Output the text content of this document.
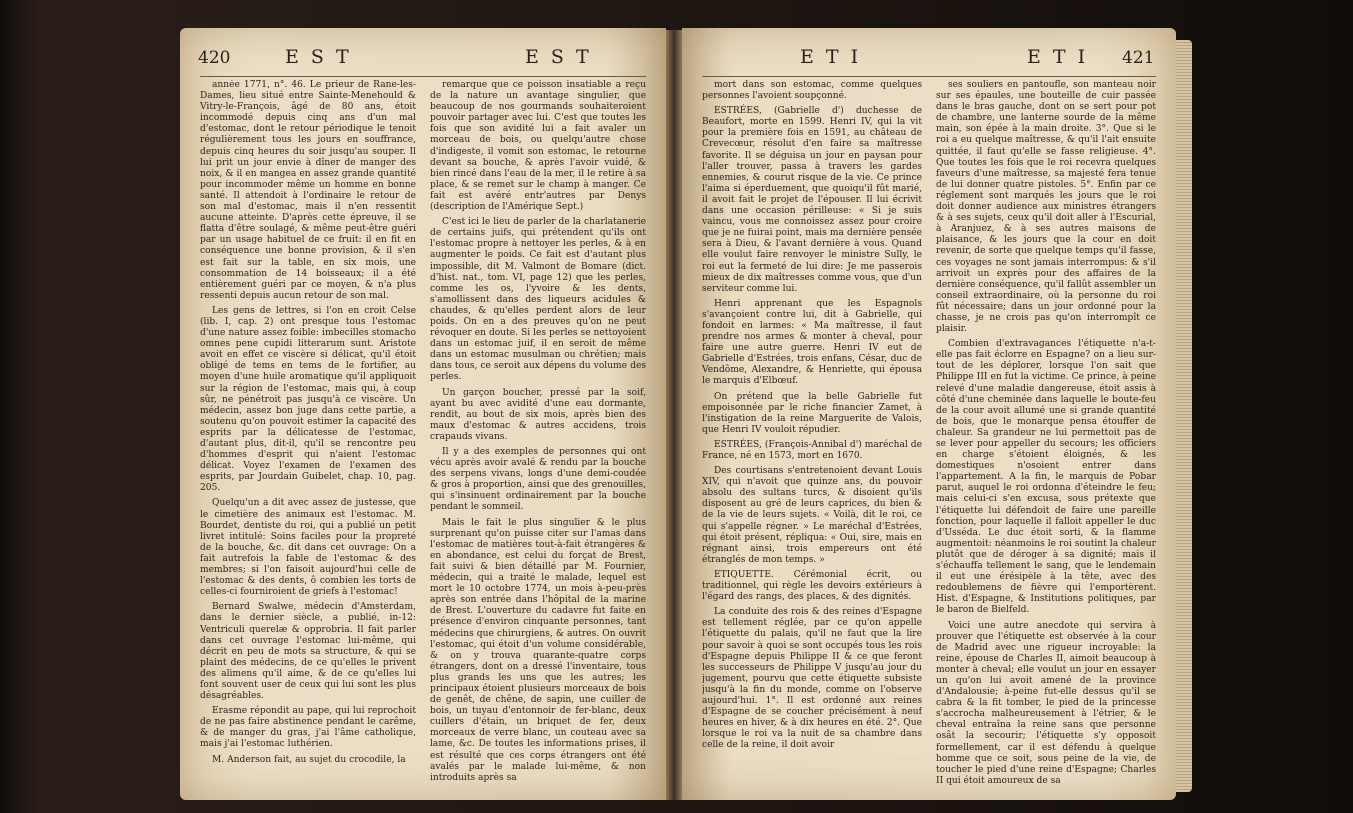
420	E S T	E S T

année 1771, n°. 46. Le prieur de Rane-les-Dames, lieu situé entre Sainte-Menehould & Vitry-le-François, âgé de 80 ans, étoit incommodé depuis cinq ans d'un mal d'estomac, dont le retour périodique le tenoit régulièrement tous les jours en souffrance, depuis cinq heures du soir jusqu'au souper. Il lui prit un jour envie à dîner de manger des noix, & il en mangea en assez grande quantité pour incommoder même un homme en bonne santé. Il attendoit à l'ordinaire le retour de son mal d'estomac, mais il n'en ressentit aucune atteinte. D'après cette épreuve, il se flatta d'être soulagé, & même peut-être guéri par un usage habituel de ce fruit: il en fit en conséquence une bonne provision, & il s'en est fait sur la table, en six mois, une consommation de 14 boisseaux; il a été entièrement guéri par ce moyen, & n'a plus ressenti depuis aucun retour de son mal.

Les gens de lettres, si l'on en croit Celse (lib. I, cap. 2) ont presque tous l'estomac d'une nature assez foible: imbecilles stomacho omnes pene cupidi litterarum sunt. Aristote avoit en effet ce viscère si délicat, qu'il étoit obligé de tems en tems de le fortifier, au moyen d'une huile aromatique qu'il appliquoit sur la région de l'estomac, mais qui, à coup sûr, ne pénétroit pas jusqu'à ce viscère. Un médecin, assez bon juge dans cette partie, a soutenu qu'on pouvoit estimer la capacité des esprits par la délicatesse de l'estomac, d'autant plus, dit-il, qu'il se rencontre peu d'hommes d'esprit qui n'aient l'estomac délicat. Voyez l'examen de l'examen des esprits, par Jourdain Guibelet, chap. 10, pag. 205.

Quelqu'un a dit avec assez de justesse, que le cimetière des animaux est l'estomac. M. Bourdet, dentiste du roi, qui a publié un petit livret intitulé: Soins faciles pour la propreté de la bouche, &c. dit dans cet ouvrage: On a fait autrefois la fable de l'estomac & des membres; si l'on faisoit aujourd'hui celle de l'estomac & des dents, ô combien les torts de celles-ci fourniroient de griefs à l'estomac!

Bernard Swalwe, médecin d'Amsterdam, dans le dernier siècle, a publié, in-12: Ventriculi querelæ & opprobria. Il fait parler dans cet ouvrage l'estomac lui-même, qui décrit en peu de mots sa structure, & qui se plaint des médecins, de ce qu'elles le privent des alimens qu'il aime, & de ce qu'elles lui font souvent user de ceux qui lui sont les plus désagréables.

Erasme répondit au pape, qui lui reprochoit de ne pas faire abstinence pendant le carême, & de manger du gras, j'ai l'âme catholique, mais j'ai l'estomac luthérien.

M. Anderson fait, au sujet du crocodile, la

remarque que ce poisson insatiable a reçu de la nature un avantage singulier, que beaucoup de nos gourmands souhaiteroient pouvoir partager avec lui. C'est que toutes les fois que son avidité lui a fait avaler un morceau de bois, ou quelqu'autre chose d'indigeste, il vomit son estomac, le retourne devant sa bouche, & après l'avoir vuidé, & bien rincé dans l'eau de la mer, il le retire à sa place, & se remet sur le champ à manger. Ce fait est avéré entr'autres par Denys (description de l'Amérique Sept.)

C'est ici le lieu de parler de la charlatanerie de certains juifs, qui prétendent qu'ils ont l'estomac propre à nettoyer les perles, & à en augmenter le poids. Ce fait est d'autant plus impossible, dit M. Valmont de Bomare (dict. d'hist. nat., tom. VI, page 12) que les perles, comme les os, l'yvoire & les dents, s'amollissent dans des liqueurs acidules & chaudes, & qu'elles perdent alors de leur poids. On en a des preuves qu'on ne peut révoquer en doute. Si les perles se nettoyoient dans un estomac juif, il en seroit de même dans un estomac musulman ou chrétien; mais dans tous, ce seroit aux dépens du volume des perles.

Un garçon boucher, pressé par la soif, ayant bu avec avidité d'une eau dormante, rendit, au bout de six mois, après bien des maux d'estomac & autres accidens, trois crapauds vivans.

Il y a des exemples de personnes qui ont vécu après avoir avalé & rendu par la bouche des serpens vivans, longs d'une demi-coudée & gros à proportion, ainsi que des grenouilles, qui s'insinuent ordinairement par la bouche pendant le sommeil.

Mais le fait le plus singulier & le plus surprenant qu'on puisse citer sur l'amas dans l'estomac de matières tout-à-fait étrangères & en abondance, est celui du forçat de Brest, fait suivi & bien détaillé par M. Fournier, médecin, qui a traité le malade, lequel est mort le 10 octobre 1774, un mois à-peu-près après son entrée dans l'hôpital de la marine de Brest. L'ouverture du cadavre fut faite en présence d'environ cinquante personnes, tant médecins que chirurgiens, & autres. On ouvrit l'estomac, qui étoit d'un volume considérable, & on y trouva quarante-quatre corps étrangers, dont on a dressé l'inventaire, tous plus grands les uns que les autres; les principaux étoient plusieurs morceaux de bois de genêt, de chêne, de sapin, une cuiller de bois, un tuyau d'entonnoir de fer-blanc, deux cuillers d'étain, un briquet de fer, deux morceaux de verre blanc, un couteau avec sa lame, &c. De toutes les informations prises, il est résulté que ces corps étrangers ont été avalés par le malade lui-même, & non introduits après sa

E T I	E T I 421

mort dans son estomac, comme quelques personnes l'avoient soupçonné.

ESTRÉES, (Gabrielle d') duchesse de Beaufort, morte en 1599. Henri IV, qui la vit pour la première fois en 1591, au château de Crevecœur, résolut d'en faire sa maîtresse favorite. Il se déguisa un jour en paysan pour l'aller trouver, passa à travers les gardes ennemies, & courut risque de la vie. Ce prince l'aima si éperduement, que quoiqu'il fût marié, il avoit fait le projet de l'épouser. Il lui écrivit dans une occasion périlleuse: « Si je suis vaincu, vous me connoissez assez pour croire que je ne fuirai point, mais ma dernière pensée sera à Dieu, & l'avant dernière à vous. Quand elle voulut faire renvoyer le ministre Sully, le roi eut la fermeté de lui dire: Je me passerois mieux de dix maîtresses comme vous, que d'un serviteur comme lui.

Henri apprenant que les Espagnols s'avançoient contre lui, dit à Gabrielle, qui fondoit en larmes: « Ma maîtresse, il faut prendre nos armes & monter à cheval, pour faire une autre guerre. Henri IV eut de Gabrielle d'Estrées, trois enfans, César, duc de Vendôme, Alexandre, & Henriette, qui épousa le marquis d'Elbœuf.

On prétend que la belle Gabrielle fut empoisonnée par le riche financier Zamet, à l'instigation de la reine Marguerite de Valois, que Henri IV vouloit répudier.

ESTRÉES, (François-Annibal d') maréchal de France, né en 1573, mort en 1670.

Des courtisans s'entretenoient devant Louis XIV, qui n'avoit que quinze ans, du pouvoir absolu des sultans turcs, & disoient qu'ils disposent au gré de leurs caprices, du bien & de la vie de leurs sujets. « Voilà, dit le roi, ce qui s'appelle régner. » Le maréchal d'Estrées, qui étoit présent, répliqua: « Oui, sire, mais en régnant ainsi, trois empereurs ont été étranglés de mon temps. »

ETIQUETTE. Cérémonial écrit, ou traditionnel, qui règle les devoirs extérieurs à l'égard des rangs, des places, & des dignités.

La conduite des rois & des reines d'Espagne est tellement réglée, par ce qu'on appelle l'étiquette du palais, qu'il ne faut que la lire pour savoir à quoi se sont occupés tous les rois d'Espagne depuis Philippe II & ce que feront les successeurs de Philippe V jusqu'au jour du jugement, pourvu que cette étiquette subsiste jusqu'à la fin du monde, comme on l'observe aujourd'hui. 1°. Il est ordonné aux reines d'Espagne de se coucher précisément à neuf heures en hiver, & à dix heures en été. 2°. Que lorsque le roi va la nuit de sa chambre dans celle de la reine, il doit avoir

ses souliers en pantoufle, son manteau noir sur ses épaules, une bouteille de cuir passée dans le bras gauche, dont on se sert pour pot de chambre, une lanterne sourde de la même main, son épée à la main droite. 3°. Que si le roi a eu quelque maîtresse, & qu'il l'ait ensuite quittée, il faut qu'elle se fasse religieuse. 4°. Que toutes les fois que le roi recevra quelques faveurs d'une maîtresse, sa majesté fera tenue de lui donner quatre pistoles. 5°. Enfin par ce réglement sont marqués les jours que le roi doit donner audience aux ministres étrangers & à ses sujets, ceux qu'il doit aller à l'Escurial, à Aranjuez, & à ses autres maisons de plaisance, & les jours que la cour en doit revenir, de sorte que quelque temps qu'il fasse, ces voyages ne sont jamais interrompus: & s'il arrivoit un exprès pour des affaires de la dernière conséquence, qu'il fallût assembler un conseil extraordinaire, où la personne du roi fût nécessaire; dans un jour ordonné pour la chasse, je ne crois pas qu'on interrompît ce plaisir.

Combien d'extravagances l'étiquette n'a-t-elle pas fait éclorre en Espagne? on a lieu sur-tout de les déplorer, lorsque l'on sait que Philippe III en fut la victime. Ce prince, à peine relevé d'une maladie dangereuse, étoit assis à côté d'une cheminée dans laquelle le boute-feu de la cour avoit allumé une si grande quantité de bois, que le monarque pensa étouffer de chaleur. Sa grandeur ne lui permettoit pas de se lever pour appeller du secours; les officiers en charge s'étoient éloignés, & les domestiques n'osoient entrer dans l'appartement. A la fin, le marquis de Pobar parut, auquel le roi ordonna d'éteindre le feu; mais celui-ci s'en excusa, sous prétexte que l'étiquette lui défendoit de faire une pareille fonction, pour laquelle il falloit appeller le duc d'Usséda. Le duc étoit sorti, & la flamme augmentoit: néanmoins le roi soutint la chaleur plutôt que de déroger à sa dignité; mais il s'échauffa tellement le sang, que le lendemain il eut une érésipèle à la tête, avec des redoublemens de fièvre qui l'emportèrent. Hist. d'Espagne, & Institutions politiques, par le baron de Bielfeld.

Voici une autre anecdote qui servira à prouver que l'étiquette est observée à la cour de Madrid avec une rigueur incroyable: la reine, épouse de Charles II, aimoit beaucoup à monter à cheval; elle voulut un jour en essayer un qu'on lui avoit amené de la province d'Andalousie; à-peine fut-elle dessus qu'il se cabra & la fit tomber, le pied de la princesse s'accrocha malheureusement à l'étrier, & le cheval entraîna la reine sans que personne osât la secourir; l'étiquette s'y opposoit formellement, car il est défendu à quelque homme que ce soit, sous peine de la vie, de toucher le pied d'une reine d'Espagne; Charles II qui étoit amoureux de sa
